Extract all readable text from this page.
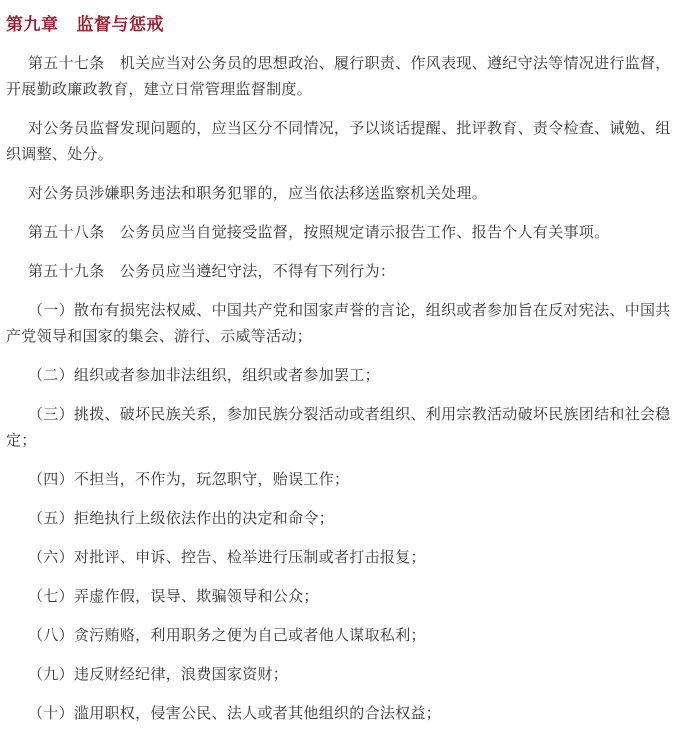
第九章 监督与惩戒

第五十七条　机关应当对公务员的思想政治、履行职责、作风表现、遵纪守法等情况进行监督，开展勤政廉政教育，建立日常管理监督制度。

对公务员监督发现问题的，应当区分不同情况，予以谈话提醒、批评教育、责令检查、诫勉、组织调整、处分。

对公务员涉嫌职务违法和职务犯罪的，应当依法移送监察机关处理。

第五十八条　公务员应当自觉接受监督，按照规定请示报告工作、报告个人有关事项。

第五十九条　公务员应当遵纪守法，不得有下列行为：

（一）散布有损宪法权威、中国共产党和国家声誉的言论，组织或者参加旨在反对宪法、中国共产党领导和国家的集会、游行、示威等活动；

（二）组织或者参加非法组织，组织或者参加罢工；

（三）挑拨、破坏民族关系，参加民族分裂活动或者组织、利用宗教活动破坏民族团结和社会稳定；

（四）不担当，不作为，玩忽职守，贻误工作；

（五）拒绝执行上级依法作出的决定和命令；

（六）对批评、申诉、控告、检举进行压制或者打击报复；

（七）弄虚作假，误导、欺骗领导和公众；

（八）贪污贿赂，利用职务之便为自己或者他人谋取私利；

（九）违反财经纪律，浪费国家资财；

（十）滥用职权，侵害公民、法人或者其他组织的合法权益；
